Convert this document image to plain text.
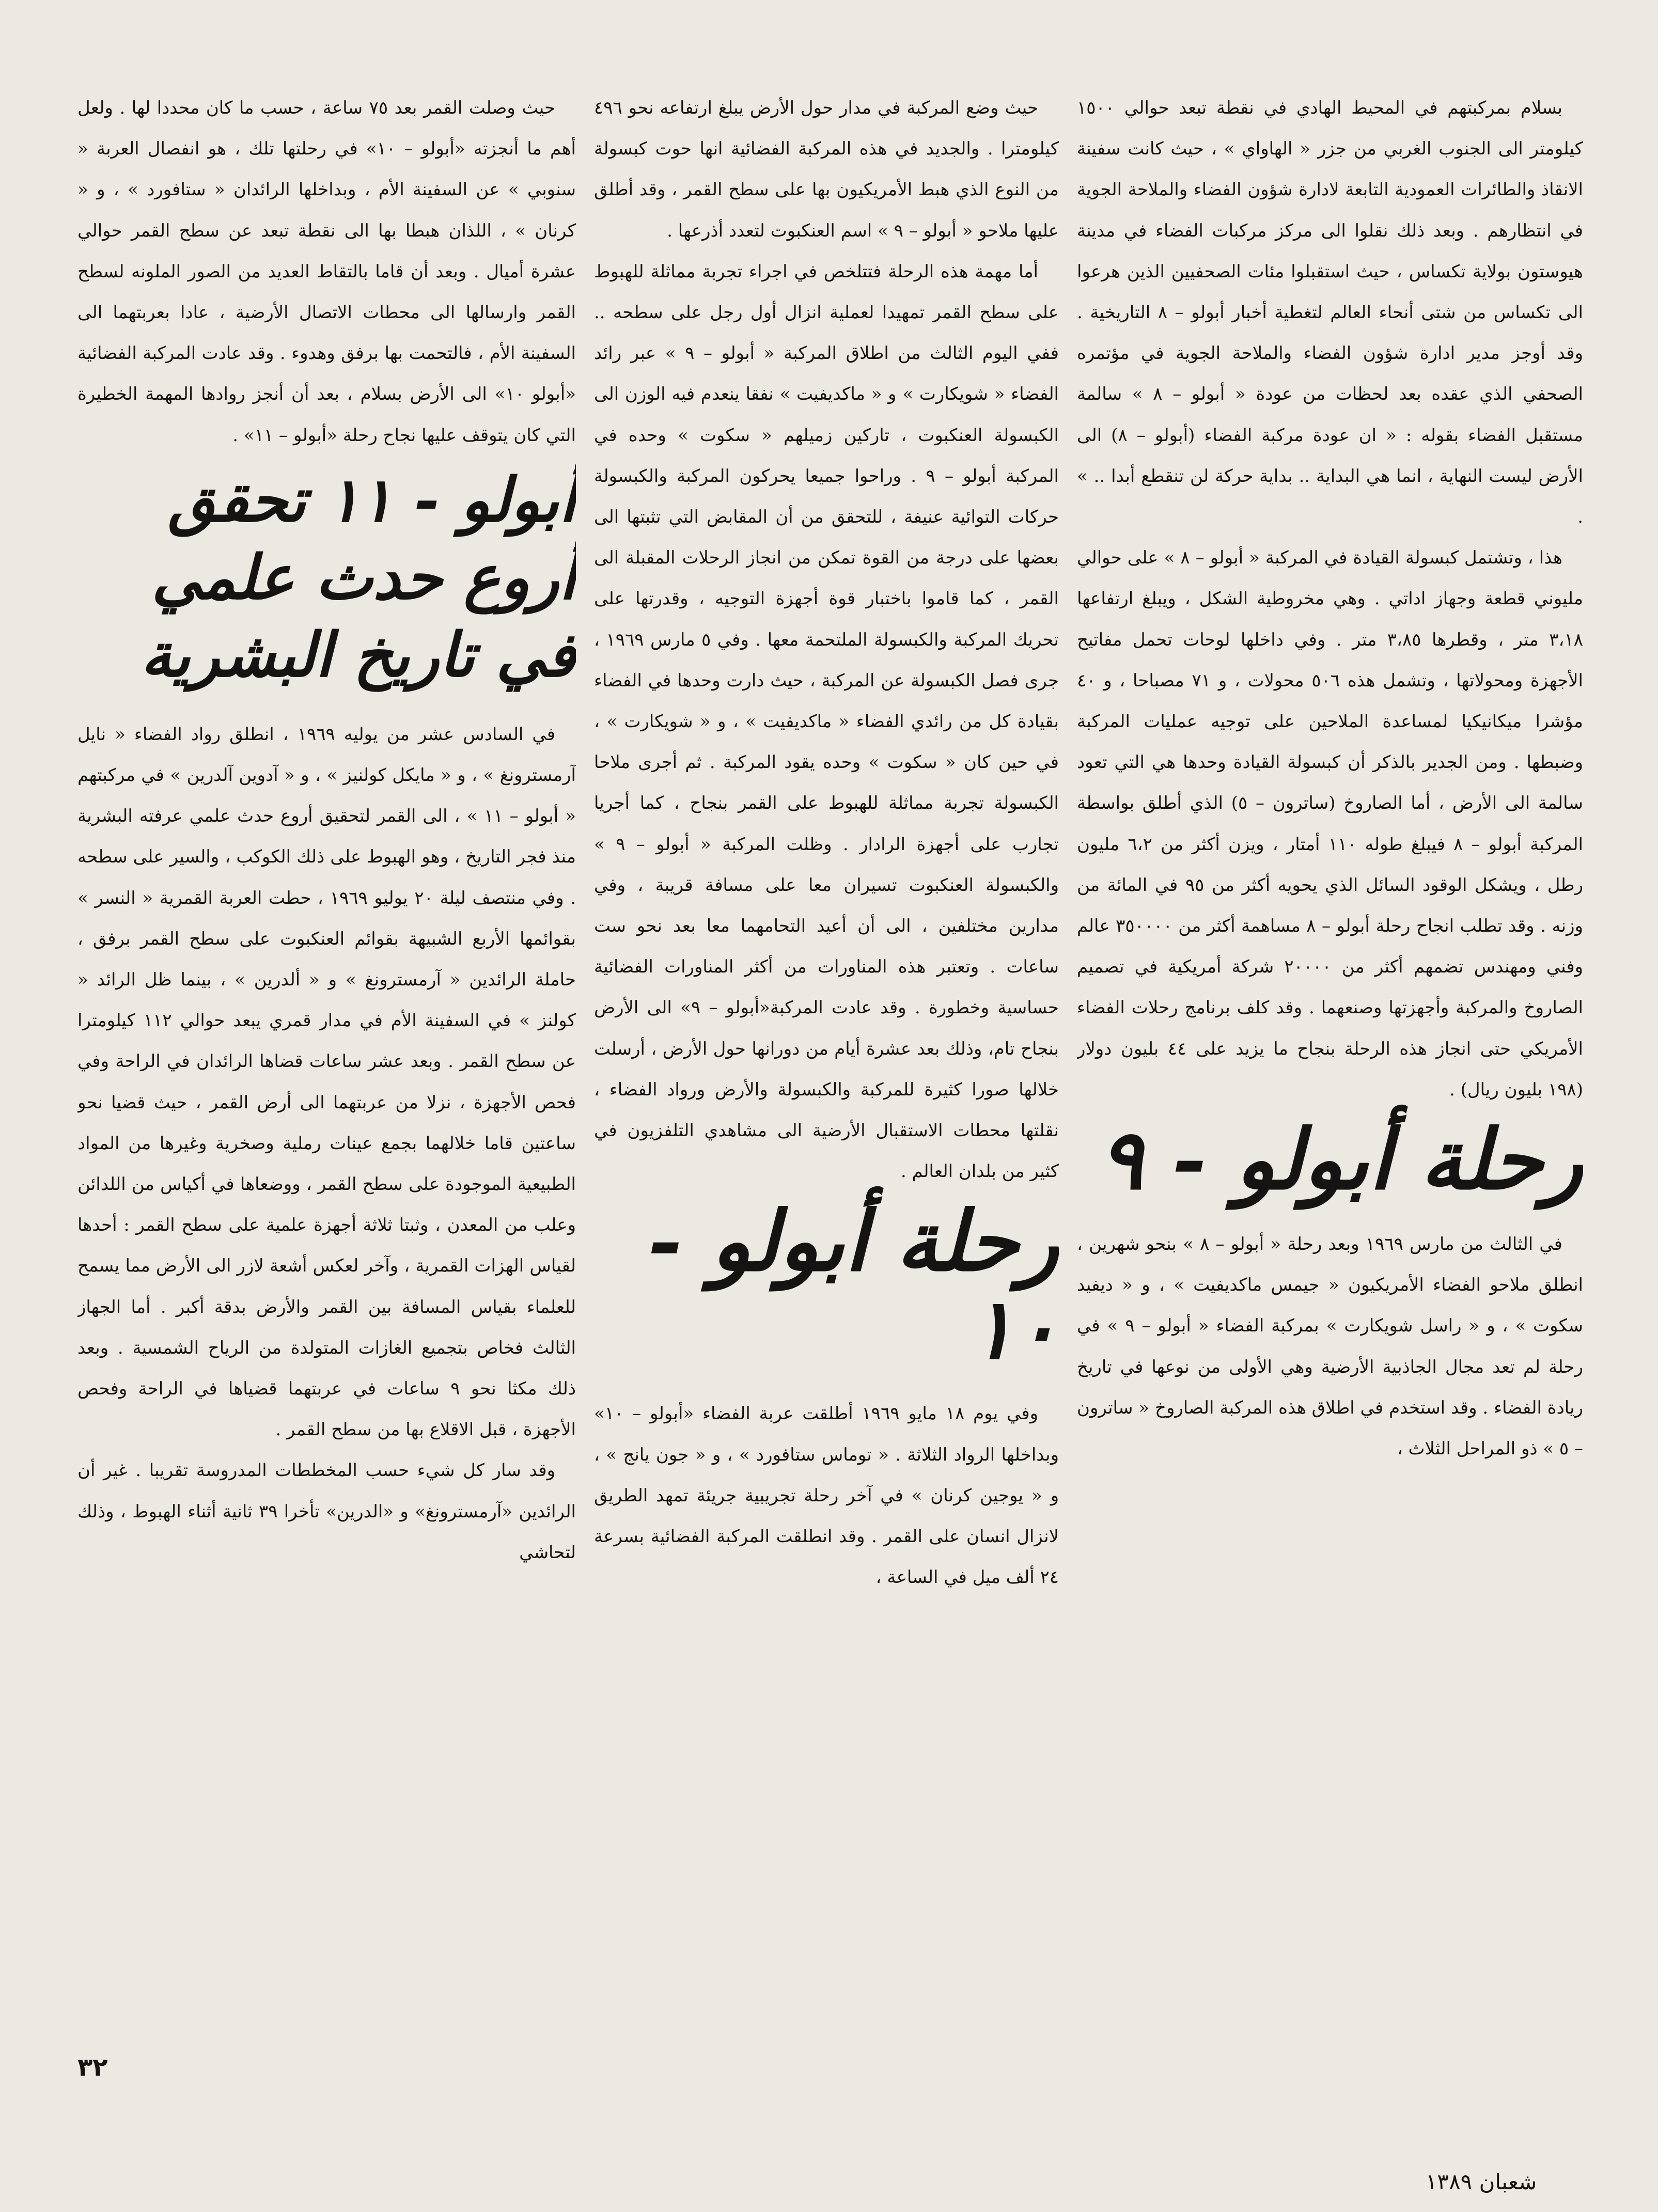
بسلام بمركبتهم في المحيط الهادي في نقطة تبعد حوالي ١٥٠٠ كيلومتر الى الجنوب الغربي من جزر « الهاواي » ، حيث كانت سفينة الانقاذ والطائرات العمودية التابعة لادارة شؤون الفضاء والملاحة الجوية في انتظارهم . وبعد ذلك نقلوا الى مركز مركبات الفضاء في مدينة هيوستون بولاية تكساس ، حيث استقبلوا مئات الصحفيين الذين هرعوا الى تكساس من شتى أنحاء العالم لتغطية أخبار أبولو – ٨ التاريخية . وقد أوجز مدير ادارة شؤون الفضاء والملاحة الجوية في مؤتمره الصحفي الذي عقده بعد لحظات من عودة « أبولو – ٨ » سالمة مستقبل الفضاء بقوله : « ان عودة مركبة الفضاء (أبولو – ٨) الى الأرض ليست النهاية ، انما هي البداية .. بداية حركة لن تنقطع أبدا .. » .

هذا ، وتشتمل كبسولة القيادة في المركبة « أبولو – ٨ » على حوالي مليوني قطعة وجهاز اداتي . وهي مخروطية الشكل ، ويبلغ ارتفاعها ٣،١٨ متر ، وقطرها ٣،٨٥ متر . وفي داخلها لوحات تحمل مفاتيح الأجهزة ومحولاتها ، وتشمل هذه ٥٠٦ محولات ، و ٧١ مصباحا ، و ٤٠ مؤشرا ميكانيكيا لمساعدة الملاحين على توجيه عمليات المركبة وضبطها . ومن الجدير بالذكر أن كبسولة القيادة وحدها هي التي تعود سالمة الى الأرض ، أما الصاروخ (ساترون – ٥) الذي أطلق بواسطة المركبة أبولو – ٨ فيبلغ طوله ١١٠ أمتار ، ويزن أكثر من ٦،٢ مليون رطل ، ويشكل الوقود السائل الذي يحويه أكثر من ٩٥ في المائة من وزنه . وقد تطلب انجاح رحلة أبولو – ٨ مساهمة أكثر من ٣٥٠٠٠٠ عالم وفني ومهندس تضمهم أكثر من ٢٠٠٠٠ شركة أمريكية في تصميم الصاروخ والمركبة وأجهزتها وصنعهما . وقد كلف برنامج رحلات الفضاء الأمريكي حتى انجاز هذه الرحلة بنجاح ما يزيد على ٤٤ بليون دولار (١٩٨ بليون ريال) .

رحلة أبولو - ٩

في الثالث من مارس ١٩٦٩ وبعد رحلة « أبولو – ٨ » بنحو شهرين ، انطلق ملاحو الفضاء الأمريكيون « جيمس ماكديفيت » ، و « ديفيد سكوت » ، و « راسل شويكارت » بمركبة الفضاء « أبولو – ٩ » في رحلة لم تعد مجال الجاذبية الأرضية وهي الأولى من نوعها في تاريخ ريادة الفضاء . وقد استخدم في اطلاق هذه المركبة الصاروخ « ساترون – ٥ » ذو المراحل الثلاث ،

حيث وضع المركبة في مدار حول الأرض يبلغ ارتفاعه نحو ٤٩٦ كيلومترا . والجديد في هذه المركبة الفضائية انها حوت كبسولة من النوع الذي هبط الأمريكيون بها على سطح القمر ، وقد أطلق عليها ملاحو « أبولو – ٩ » اسم العنكبوت لتعدد أذرعها .

أما مهمة هذه الرحلة فتتلخص في اجراء تجربة مماثلة للهبوط على سطح القمر تمهيدا لعملية انزال أول رجل على سطحه .. ففي اليوم الثالث من اطلاق المركبة « أبولو – ٩ » عبر رائد الفضاء « شويكارت » و « ماكديفيت » نفقا ينعدم فيه الوزن الى الكبسولة العنكبوت ، تاركين زميلهم « سكوت » وحده في المركبة أبولو – ٩ . وراحوا جميعا يحركون المركبة والكبسولة حركات التوائية عنيفة ، للتحقق من أن المقابض التي تثبتها الى بعضها على درجة من القوة تمكن من انجاز الرحلات المقبلة الى القمر ، كما قاموا باختبار قوة أجهزة التوجيه ، وقدرتها على تحريك المركبة والكبسولة الملتحمة معها . وفي ٥ مارس ١٩٦٩ ، جرى فصل الكبسولة عن المركبة ، حيث دارت وحدها في الفضاء بقيادة كل من رائدي الفضاء « ماكديفيت » ، و « شويكارت » ، في حين كان « سكوت » وحده يقود المركبة . ثم أجرى ملاحا الكبسولة تجربة مماثلة للهبوط على القمر بنجاح ، كما أجريا تجارب على أجهزة الرادار . وظلت المركبة « أبولو – ٩ » والكبسولة العنكبوت تسيران معا على مسافة قريبة ، وفي مدارين مختلفين ، الى أن أعيد التحامهما معا بعد نحو ست ساعات . وتعتبر هذه المناورات من أكثر المناورات الفضائية حساسية وخطورة . وقد عادت المركبة«أبولو – ٩» الى الأرض بنجاح تام، وذلك بعد عشرة أيام من دورانها حول الأرض ، أرسلت خلالها صورا كثيرة للمركبة والكبسولة والأرض ورواد الفضاء ، نقلتها محطات الاستقبال الأرضية الى مشاهدي التلفزيون في كثير من بلدان العالم .

رحلة أبولو - ١٠

وفي يوم ١٨ مايو ١٩٦٩ أطلقت عربة الفضاء «أبولو – ١٠» وبداخلها الرواد الثلاثة . « توماس ستافورد » ، و « جون يانج » ، و « يوجين كرنان » في آخر رحلة تجريبية جريئة تمهد الطريق لانزال انسان على القمر . وقد انطلقت المركبة الفضائية بسرعة ٢٤ ألف ميل في الساعة ،

حيث وصلت القمر بعد ٧٥ ساعة ، حسب ما كان محددا لها . ولعل أهم ما أنجزته «أبولو – ١٠» في رحلتها تلك ، هو انفصال العربة « سنوبي » عن السفينة الأم ، وبداخلها الرائدان « ستافورد » ، و « كرنان » ، اللذان هبطا بها الى نقطة تبعد عن سطح القمر حوالي عشرة أميال . وبعد أن قاما بالتقاط العديد من الصور الملونه لسطح القمر وارسالها الى محطات الاتصال الأرضية ، عادا بعربتهما الى السفينة الأم ، فالتحمت بها برفق وهدوء . وقد عادت المركبة الفضائية «أبولو ١٠» الى الأرض بسلام ، بعد أن أنجز روادها المهمة الخطيرة التي كان يتوقف عليها نجاح رحلة «أبولو – ١١» .

أبولو - ١١ تحقق أروع حدث علمي في تاريخ البشرية

في السادس عشر من يوليه ١٩٦٩ ، انطلق رواد الفضاء « نايل آرمسترونغ » ، و « مايكل كولنيز » ، و « آدوين آلدرين » في مركبتهم « أبولو – ١١ » ، الى القمر لتحقيق أروع حدث علمي عرفته البشرية منذ فجر التاريخ ، وهو الهبوط على ذلك الكوكب ، والسير على سطحه . وفي منتصف ليلة ٢٠ يوليو ١٩٦٩ ، حطت العربة القمرية « النسر » بقوائمها الأربع الشبيهة بقوائم العنكبوت على سطح القمر برفق ، حاملة الرائدين « آرمسترونغ » و « ألدرين » ، بينما ظل الرائد « كولنز » في السفينة الأم في مدار قمري يبعد حوالي ١١٢ كيلومترا عن سطح القمر . وبعد عشر ساعات قضاها الرائدان في الراحة وفي فحص الأجهزة ، نزلا من عربتهما الى أرض القمر ، حيث قضيا نحو ساعتين قاما خلالهما بجمع عينات رملية وصخرية وغيرها من المواد الطبيعية الموجودة على سطح القمر ، ووضعاها في أكياس من اللدائن وعلب من المعدن ، وثبتا ثلاثة أجهزة علمية على سطح القمر : أحدها لقياس الهزات القمرية ، وآخر لعكس أشعة لازر الى الأرض مما يسمح للعلماء بقياس المسافة بين القمر والأرض بدقة أكبر . أما الجهاز الثالث فخاص بتجميع الغازات المتولدة من الرياح الشمسية . وبعد ذلك مكثا نحو ٩ ساعات في عربتهما قضياها في الراحة وفحص الأجهزة ، قبل الاقلاع بها من سطح القمر .

وقد سار كل شيء حسب المخططات المدروسة تقريبا . غير أن الرائدين «آرمسترونغ» و «الدرين» تأخرا ٣٩ ثانية أثناء الهبوط ، وذلك لتحاشي

٣٢
شعبان ١٣٨٩
